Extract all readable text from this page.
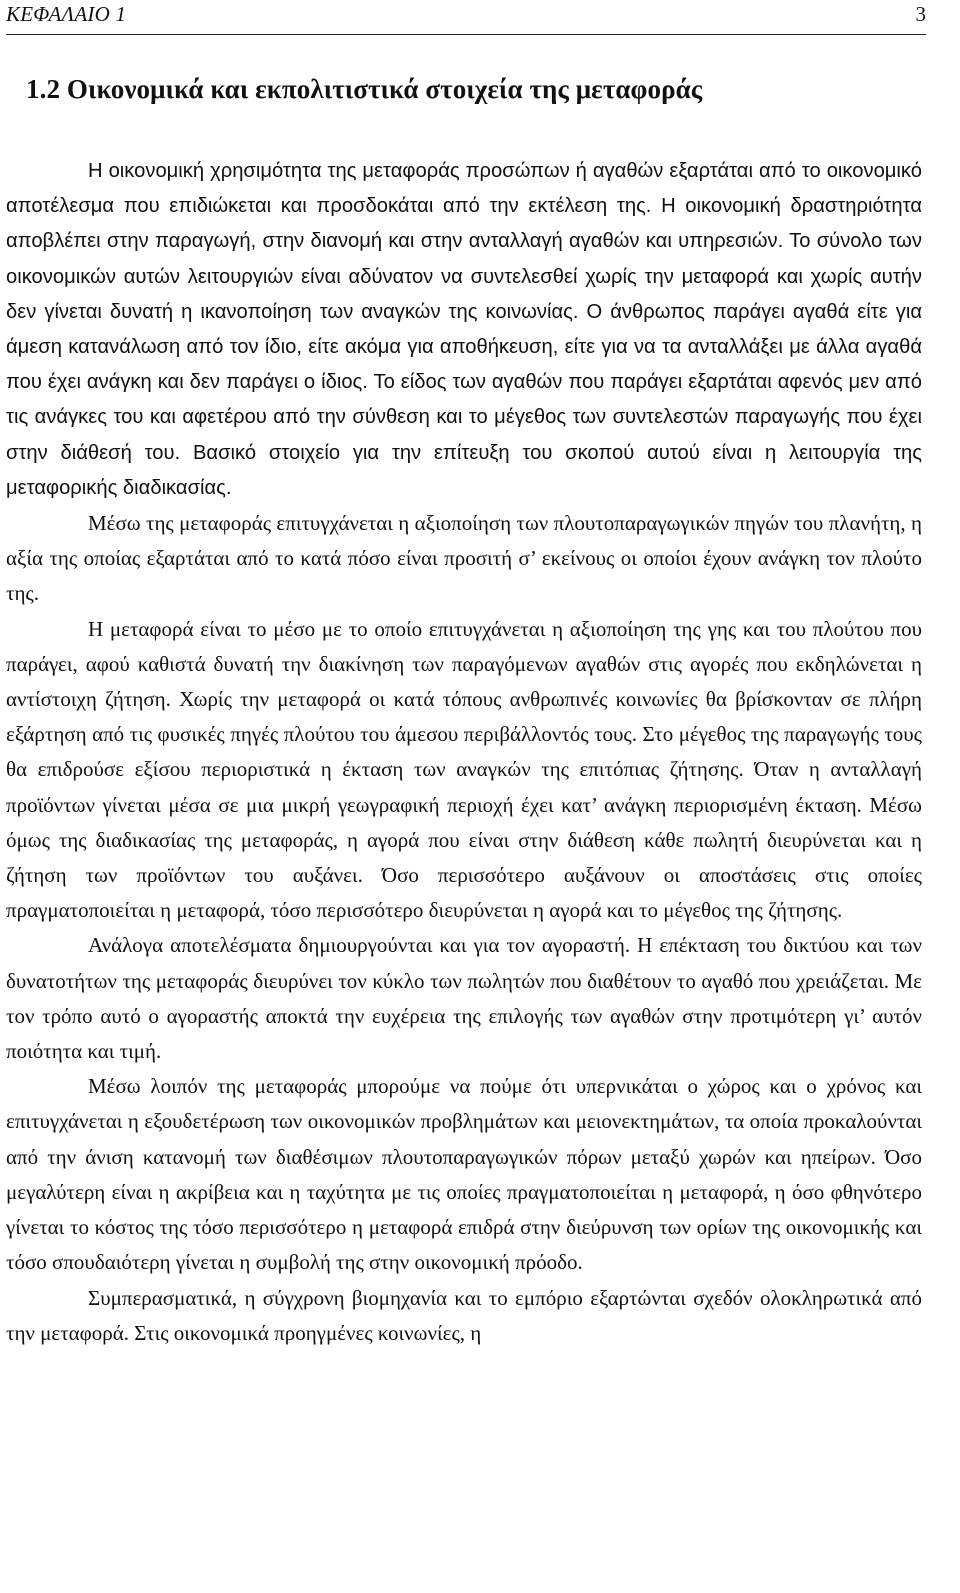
ΚΕΦΑΛΑΙΟ 1	3
1.2 Οικονομικά και εκπολιτιστικά στοιχεία της μεταφοράς

Η οικονομική χρησιμότητα της μεταφοράς προσώπων ή αγαθών εξαρτάται από το οικονομικό αποτέλεσμα που επιδιώκεται και προσδοκάται από την εκτέλεση της. Η οικονομική δραστηριότητα αποβλέπει στην παραγωγή, στην διανομή και στην ανταλλαγή αγαθών και υπηρεσιών. Το σύνολο των οικονομικών αυτών λειτουργιών είναι αδύνατον να συντελεσθεί χωρίς την μεταφορά και χωρίς αυτήν δεν γίνεται δυνατή η ικανοποίηση των αναγκών της κοινωνίας. Ο άνθρωπος παράγει αγαθά είτε για άμεση κατανάλωση από τον ίδιο, είτε ακόμα για αποθήκευση, είτε για να τα ανταλλάξει με άλλα αγαθά που έχει ανάγκη και δεν παράγει ο ίδιος. Το είδος των αγαθών που παράγει εξαρτάται αφενός μεν από τις ανάγκες του και αφετέρου από την σύνθεση και το μέγεθος των συντελεστών παραγωγής που έχει στην διάθεσή του. Βασικό στοιχείο για την επίτευξη του σκοπού αυτού είναι η λειτουργία της μεταφορικής διαδικασίας.

Μέσω της μεταφοράς επιτυγχάνεται η αξιοποίηση των πλουτοπαραγωγικών πηγών του πλανήτη, η αξία της οποίας εξαρτάται από το κατά πόσο είναι προσιτή σ’ εκείνους οι οποίοι έχουν ανάγκη τον πλούτο της.

Η μεταφορά είναι το μέσο με το οποίο επιτυγχάνεται η αξιοποίηση της γης και του πλούτου που παράγει, αφού καθιστά δυνατή την διακίνηση των παραγόμενων αγαθών στις αγορές που εκδηλώνεται η αντίστοιχη ζήτηση. Χωρίς την μεταφορά οι κατά τόπους ανθρωπινές κοινωνίες θα βρίσκονταν σε πλήρη εξάρτηση από τις φυσικές πηγές πλούτου του άμεσου περιβάλλοντός τους. Στο μέγεθος της παραγωγής τους θα επιδρούσε εξίσου περιοριστικά η έκταση των αναγκών της επιτόπιας ζήτησης. Όταν η ανταλλαγή προϊόντων γίνεται μέσα σε μια μικρή γεωγραφική περιοχή έχει κατ’ ανάγκη περιορισμένη έκταση. Μέσω όμως της διαδικασίας της μεταφοράς, η αγορά που είναι στην διάθεση κάθε πωλητή διευρύνεται και η ζήτηση των προϊόντων του αυξάνει. Όσο περισσότερο αυξάνουν οι αποστάσεις στις οποίες πραγματοποιείται η μεταφορά, τόσο περισσότερο διευρύνεται η αγορά και το μέγεθος της ζήτησης.

Ανάλογα αποτελέσματα δημιουργούνται και για τον αγοραστή. Η επέκταση του δικτύου και των δυνατοτήτων της μεταφοράς διευρύνει τον κύκλο των πωλητών που διαθέτουν το αγαθό που χρειάζεται. Με τον τρόπο αυτό ο αγοραστής αποκτά την ευχέρεια της επιλογής των αγαθών στην προτιμότερη γι’ αυτόν ποιότητα και τιμή.

Μέσω λοιπόν της μεταφοράς μπορούμε να πούμε ότι υπερνικάται ο χώρος και ο χρόνος και επιτυγχάνεται η εξουδετέρωση των οικονομικών προβλημάτων και μειονεκτημάτων, τα οποία προκαλούνται από την άνιση κατανομή των διαθέσιμων πλουτοπαραγωγικών πόρων μεταξύ χωρών και ηπείρων. Όσο μεγαλύτερη είναι η ακρίβεια και η ταχύτητα με τις οποίες πραγματοποιείται η μεταφορά, η όσο φθηνότερο γίνεται το κόστος της τόσο περισσότερο η μεταφορά επιδρά στην διεύρυνση των ορίων της οικονομικής και τόσο σπουδαιότερη γίνεται η συμβολή της στην οικονομική πρόοδο.

Συμπερασματικά, η σύγχρονη βιομηχανία και το εμπόριο εξαρτώνται σχεδόν ολοκληρωτικά από την μεταφορά. Στις οικονομικά προηγμένες κοινωνίες, η
